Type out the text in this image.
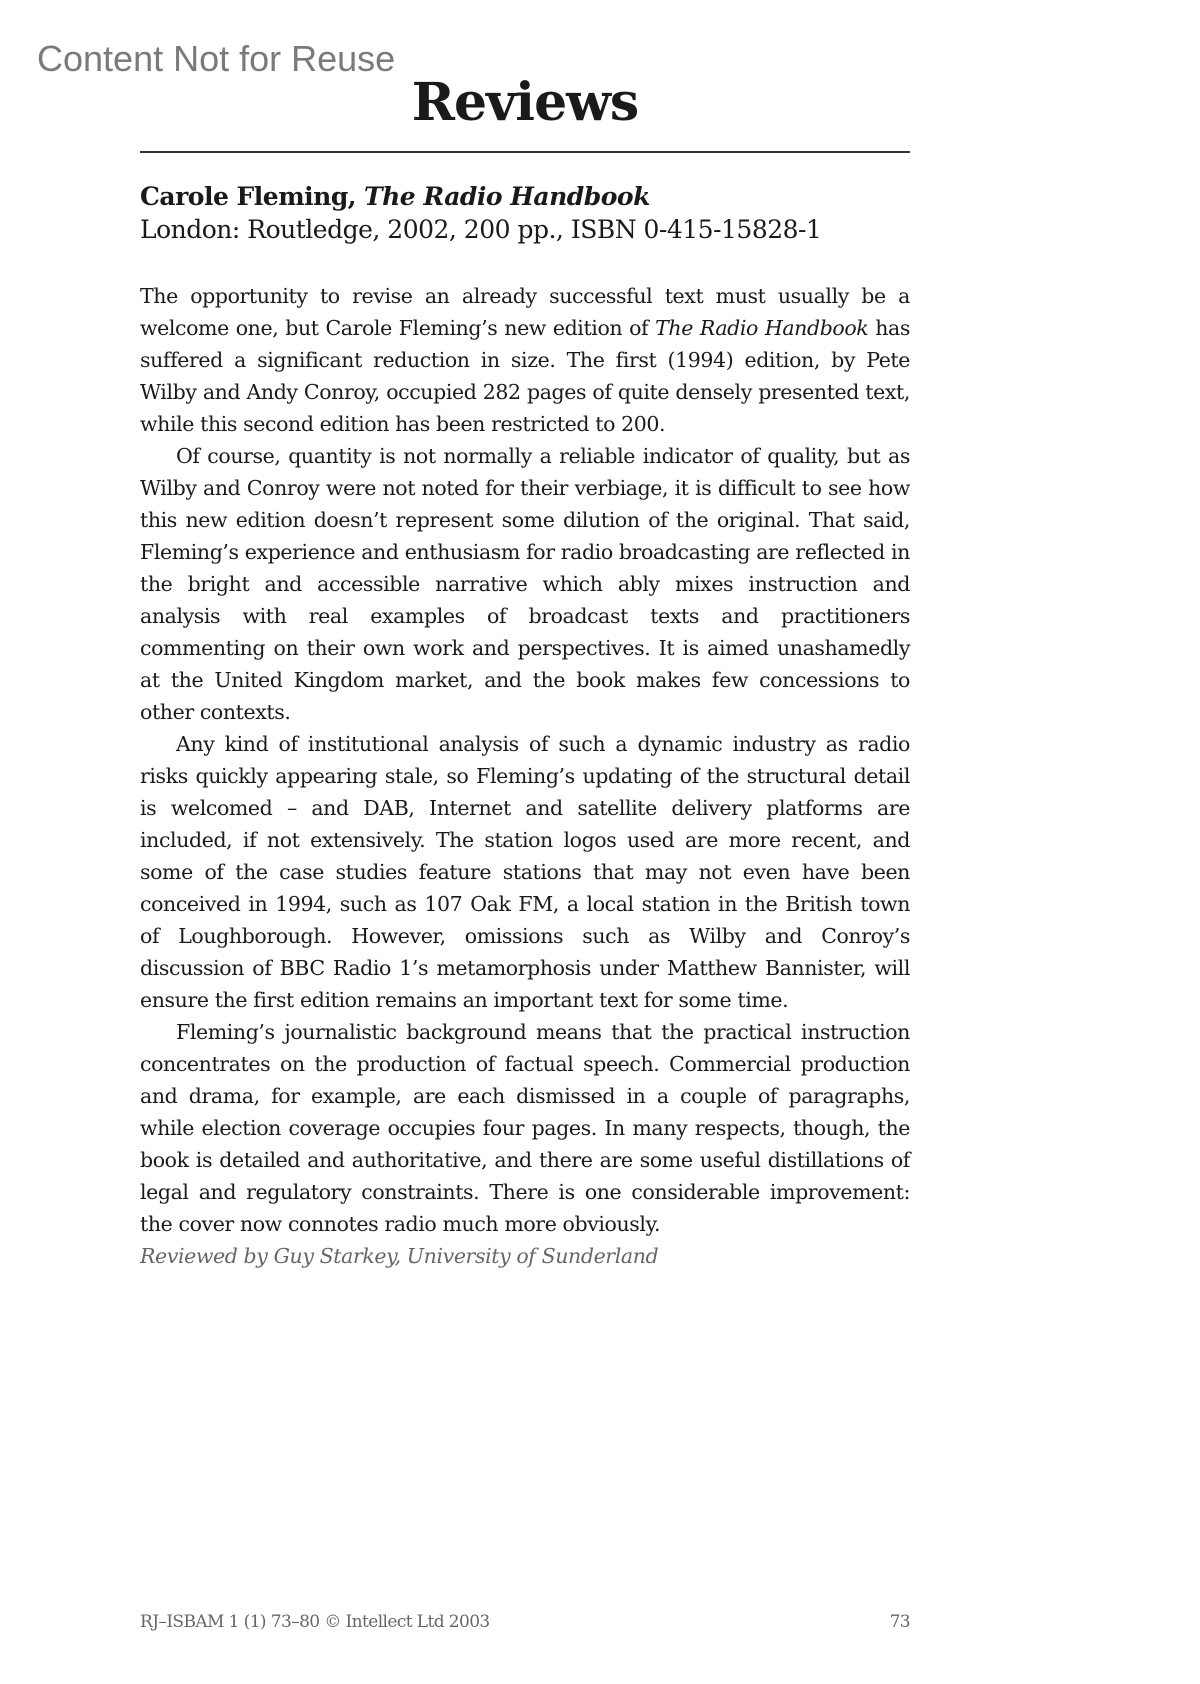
Content Not for Reuse
Reviews
Carole Fleming, The Radio Handbook
London: Routledge, 2002, 200 pp., ISBN 0-415-15828-1

The opportunity to revise an already successful text must usually be a welcome one, but Carole Fleming’s new edition of The Radio Handbook has suffered a significant reduction in size. The first (1994) edition, by Pete Wilby and Andy Conroy, occupied 282 pages of quite densely presented text, while this second edition has been restricted to 200.

Of course, quantity is not normally a reliable indicator of quality, but as Wilby and Conroy were not noted for their verbiage, it is difficult to see how this new edition doesn’t represent some dilution of the original. That said, Fleming’s experience and enthusiasm for radio broadcasting are reflected in the bright and accessible narrative which ably mixes instruction and analysis with real examples of broadcast texts and practitioners commenting on their own work and perspectives. It is aimed unashamedly at the United Kingdom market, and the book makes few concessions to other contexts.

Any kind of institutional analysis of such a dynamic industry as radio risks quickly appearing stale, so Fleming’s updating of the structural detail is welcomed – and DAB, Internet and satellite delivery platforms are included, if not extensively. The station logos used are more recent, and some of the case studies feature stations that may not even have been conceived in 1994, such as 107 Oak FM, a local station in the British town of Loughborough. However, omissions such as Wilby and Conroy’s discussion of BBC Radio 1’s metamorphosis under Matthew Bannister, will ensure the first edition remains an important text for some time.

Fleming’s journalistic background means that the practical instruction concentrates on the production of factual speech. Commercial production and drama, for example, are each dismissed in a couple of paragraphs, while election coverage occupies four pages. In many respects, though, the book is detailed and authoritative, and there are some useful distillations of legal and regulatory constraints. There is one considerable improvement: the cover now connotes radio much more obviously.

Reviewed by Guy Starkey, University of Sunderland

RJ–ISBAM 1 (1) 73–80 © Intellect Ltd 2003	73
